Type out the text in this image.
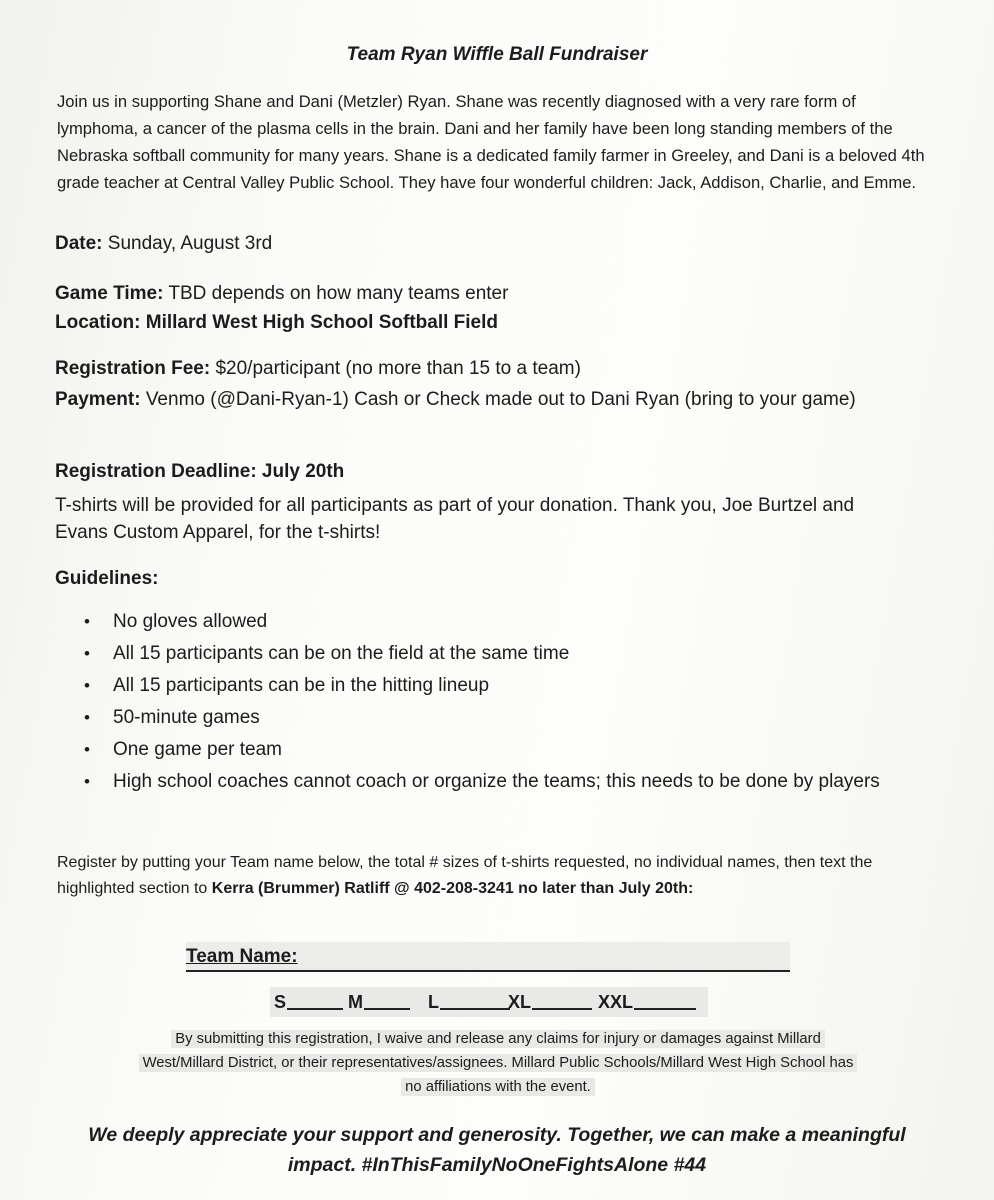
Team Ryan Wiffle Ball Fundraiser
Join us in supporting Shane and Dani (Metzler) Ryan. Shane was recently diagnosed with a very rare form of lymphoma, a cancer of the plasma cells in the brain. Dani and her family have been long standing members of the Nebraska softball community for many years. Shane is a dedicated family farmer in Greeley, and Dani is a beloved 4th grade teacher at Central Valley Public School. They have four wonderful children: Jack, Addison, Charlie, and Emme.
Date: Sunday, August 3rd
Game Time: TBD depends on how many teams enter
Location: Millard West High School Softball Field
Registration Fee: $20/participant (no more than 15 to a team)
Payment: Venmo (@Dani-Ryan-1) Cash or Check made out to Dani Ryan (bring to your game)
Registration Deadline: July 20th
T-shirts will be provided for all participants as part of your donation. Thank you, Joe Burtzel and Evans Custom Apparel, for the t-shirts!
Guidelines:
• No gloves allowed
• All 15 participants can be on the field at the same time
• All 15 participants can be in the hitting lineup
• 50-minute games
• One game per team
• High school coaches cannot coach or organize the teams; this needs to be done by players
Register by putting your Team name below, the total # sizes of t-shirts requested, no individual names, then text the highlighted section to Kerra (Brummer) Ratliff @ 402-208-3241 no later than July 20th:
Team Name:
S	M	L	XL	XXL
By submitting this registration, I waive and release any claims for injury or damages against Millard
West/Millard District, or their representatives/assignees. Millard Public Schools/Millard West High School has
no affiliations with the event.
We deeply appreciate your support and generosity. Together, we can make a meaningful impact. #InThisFamilyNoOneFightsAlone #44
